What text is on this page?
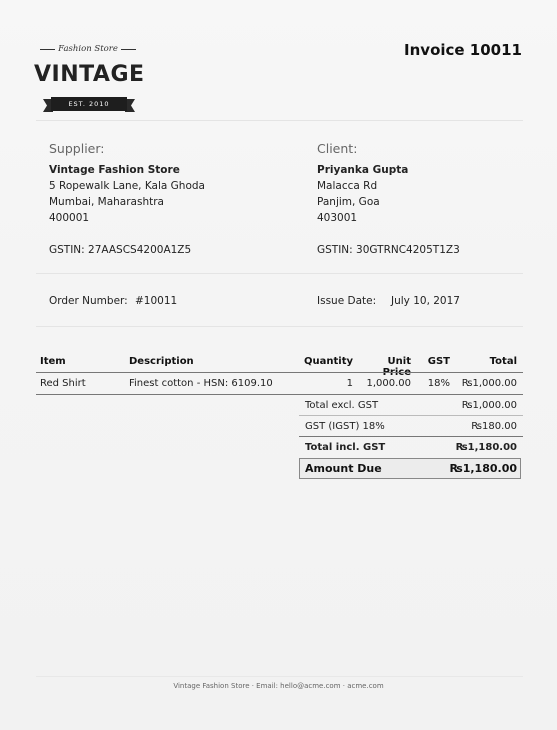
Fashion Store
VINTAGE
EST. 2010
Invoice 10011
Supplier:
Vintage Fashion Store
5 Ropewalk Lane, Kala Ghoda
Mumbai, Maharashtra
400001
GSTIN: 27AASCS4200A1Z5
Client:
Priyanka Gupta
Malacca Rd
Panjim, Goa
403001
GSTIN: 30GTRNC4205T1Z3
Order Number: #10011	Issue Date: July 10, 2017
Item	Description	Quantity	Unit	GST	Total
Red Shirt	Finest cotton - HSN: 6109.10	1	1,000.00	18% ₨1,000.00
Total excl. GST	₨1,000.00
GST (IGST) 18%	₨180.00
Total incl. GST	₨1,180.00
Amount Due	₨1,180.00
Vintage Fashion Store · Email: hello@acme.com · acme.com
